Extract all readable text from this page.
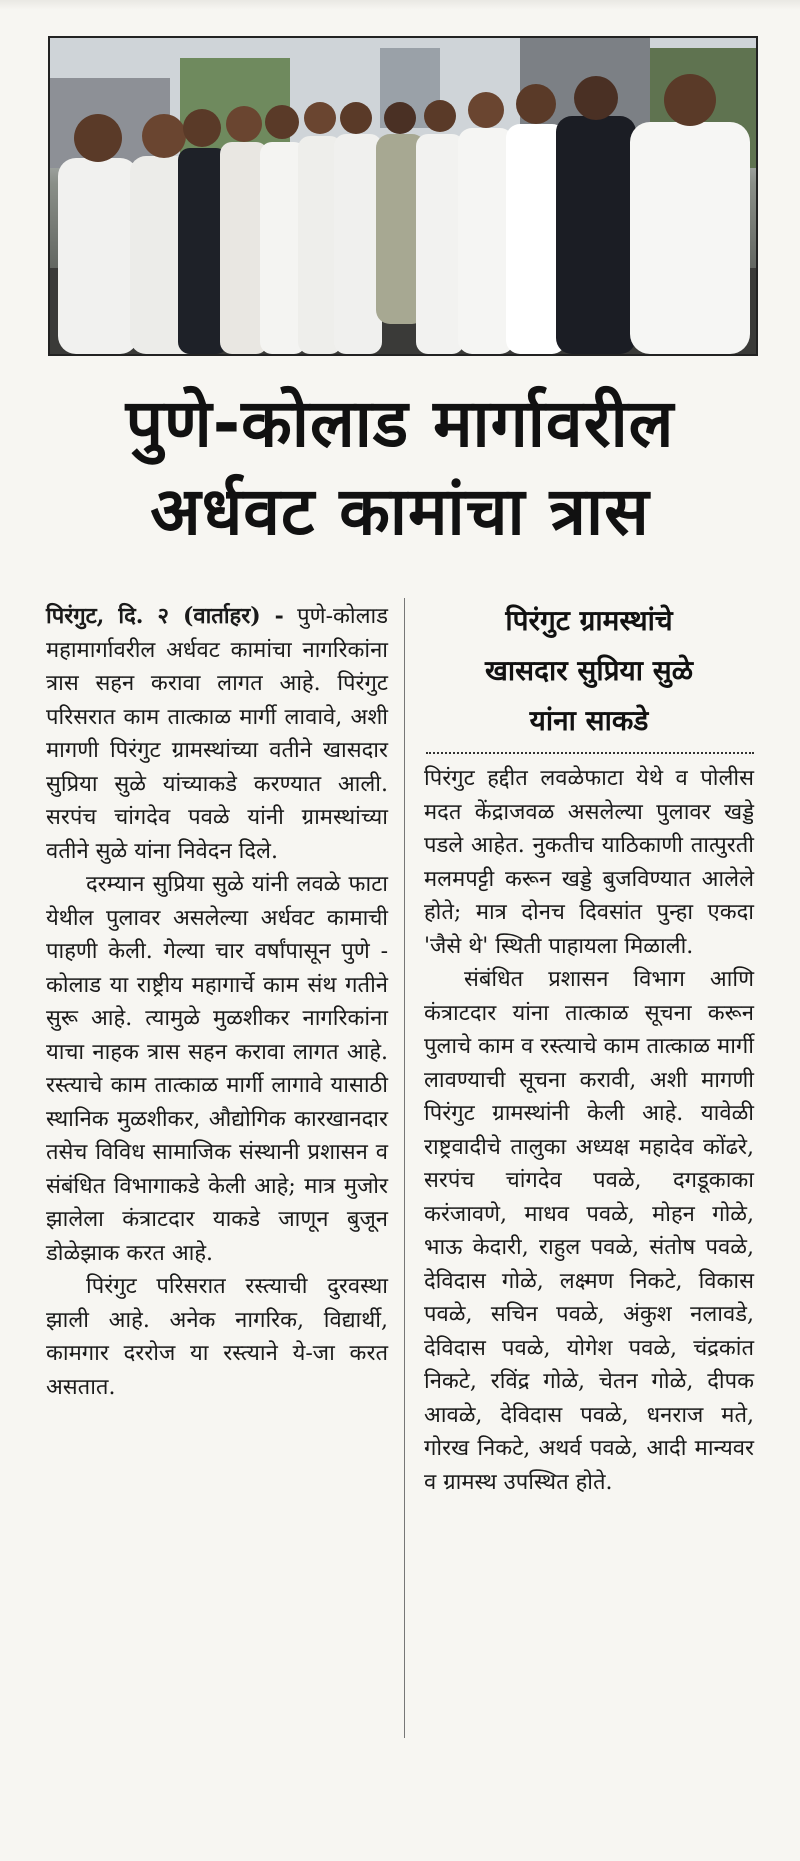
पुणे-कोलाड मार्गावरील
अर्धवट कामांचा त्रास

पिरंगुट, दि. २ (वार्ताहर) - पुणे-कोलाड महामार्गावरील अर्धवट कामांचा नागरिकांना त्रास सहन करावा लागत आहे. पिरंगुट परिसरात काम तात्काळ मार्गी लावावे, अशी मागणी पिरंगुट ग्रामस्थांच्या वतीने खासदार सुप्रिया सुळे यांच्याकडे करण्यात आली. सरपंच चांगदेव पवळे यांनी ग्रामस्थांच्या वतीने सुळे यांना निवेदन दिले.

दरम्यान सुप्रिया सुळे यांनी लवळे फाटा येथील पुलावर असलेल्या अर्धवट कामाची पाहणी केली. गेल्या चार वर्षांपासून पुणे - कोलाड या राष्ट्रीय महागार्चे काम संथ गतीने सुरू आहे. त्यामुळे मुळशीकर नागरिकांना याचा नाहक त्रास सहन करावा लागत आहे. रस्त्याचे काम तात्काळ मार्गी लागावे यासाठी स्थानिक मुळशीकर, औद्योगिक कारखानदार तसेच विविध सामाजिक संस्थानी प्रशासन व संबंधित विभागाकडे केली आहे; मात्र मुजोर झालेला कंत्राटदार याकडे जाणून बुजून डोळेझाक करत आहे.

पिरंगुट परिसरात रस्त्याची दुरवस्था झाली आहे. अनेक नागरिक, विद्यार्थी, कामगार दररोज या रस्त्याने ये-जा करत असतात.

पिरंगुट ग्रामस्थांचे
खासदार सुप्रिया सुळे
यांना साकडे

पिरंगुट हद्दीत लवळेफाटा येथे व पोलीस मदत केंद्राजवळ असलेल्या पुलावर खड्डे पडले आहेत. नुकतीच याठिकाणी तात्पुरती मलमपट्टी करून खड्डे बुजविण्यात आलेले होते; मात्र दोनच दिवसांत पुन्हा एकदा 'जैसे थे' स्थिती पाहायला मिळाली.

संबंधित प्रशासन विभाग आणि कंत्राटदार यांना तात्काळ सूचना करून पुलाचे काम व रस्त्याचे काम तात्काळ मार्गी लावण्याची सूचना करावी, अशी मागणी पिरंगुट ग्रामस्थांनी केली आहे. यावेळी राष्ट्रवादीचे तालुका अध्यक्ष महादेव कोंढरे, सरपंच चांगदेव पवळे, दगडूकाका करंजावणे, माधव पवळे, मोहन गोळे, भाऊ केदारी, राहुल पवळे, संतोष पवळे, देविदास गोळे, लक्ष्मण निकटे, विकास पवळे, सचिन पवळे, अंकुश नलावडे, देविदास पवळे, योगेश पवळे, चंद्रकांत निकटे, रविंद्र गोळे, चेतन गोळे, दीपक आवळे, देविदास पवळे, धनराज मते, गोरख निकटे, अथर्व पवळे, आदी मान्यवर व ग्रामस्थ उपस्थित होते.
